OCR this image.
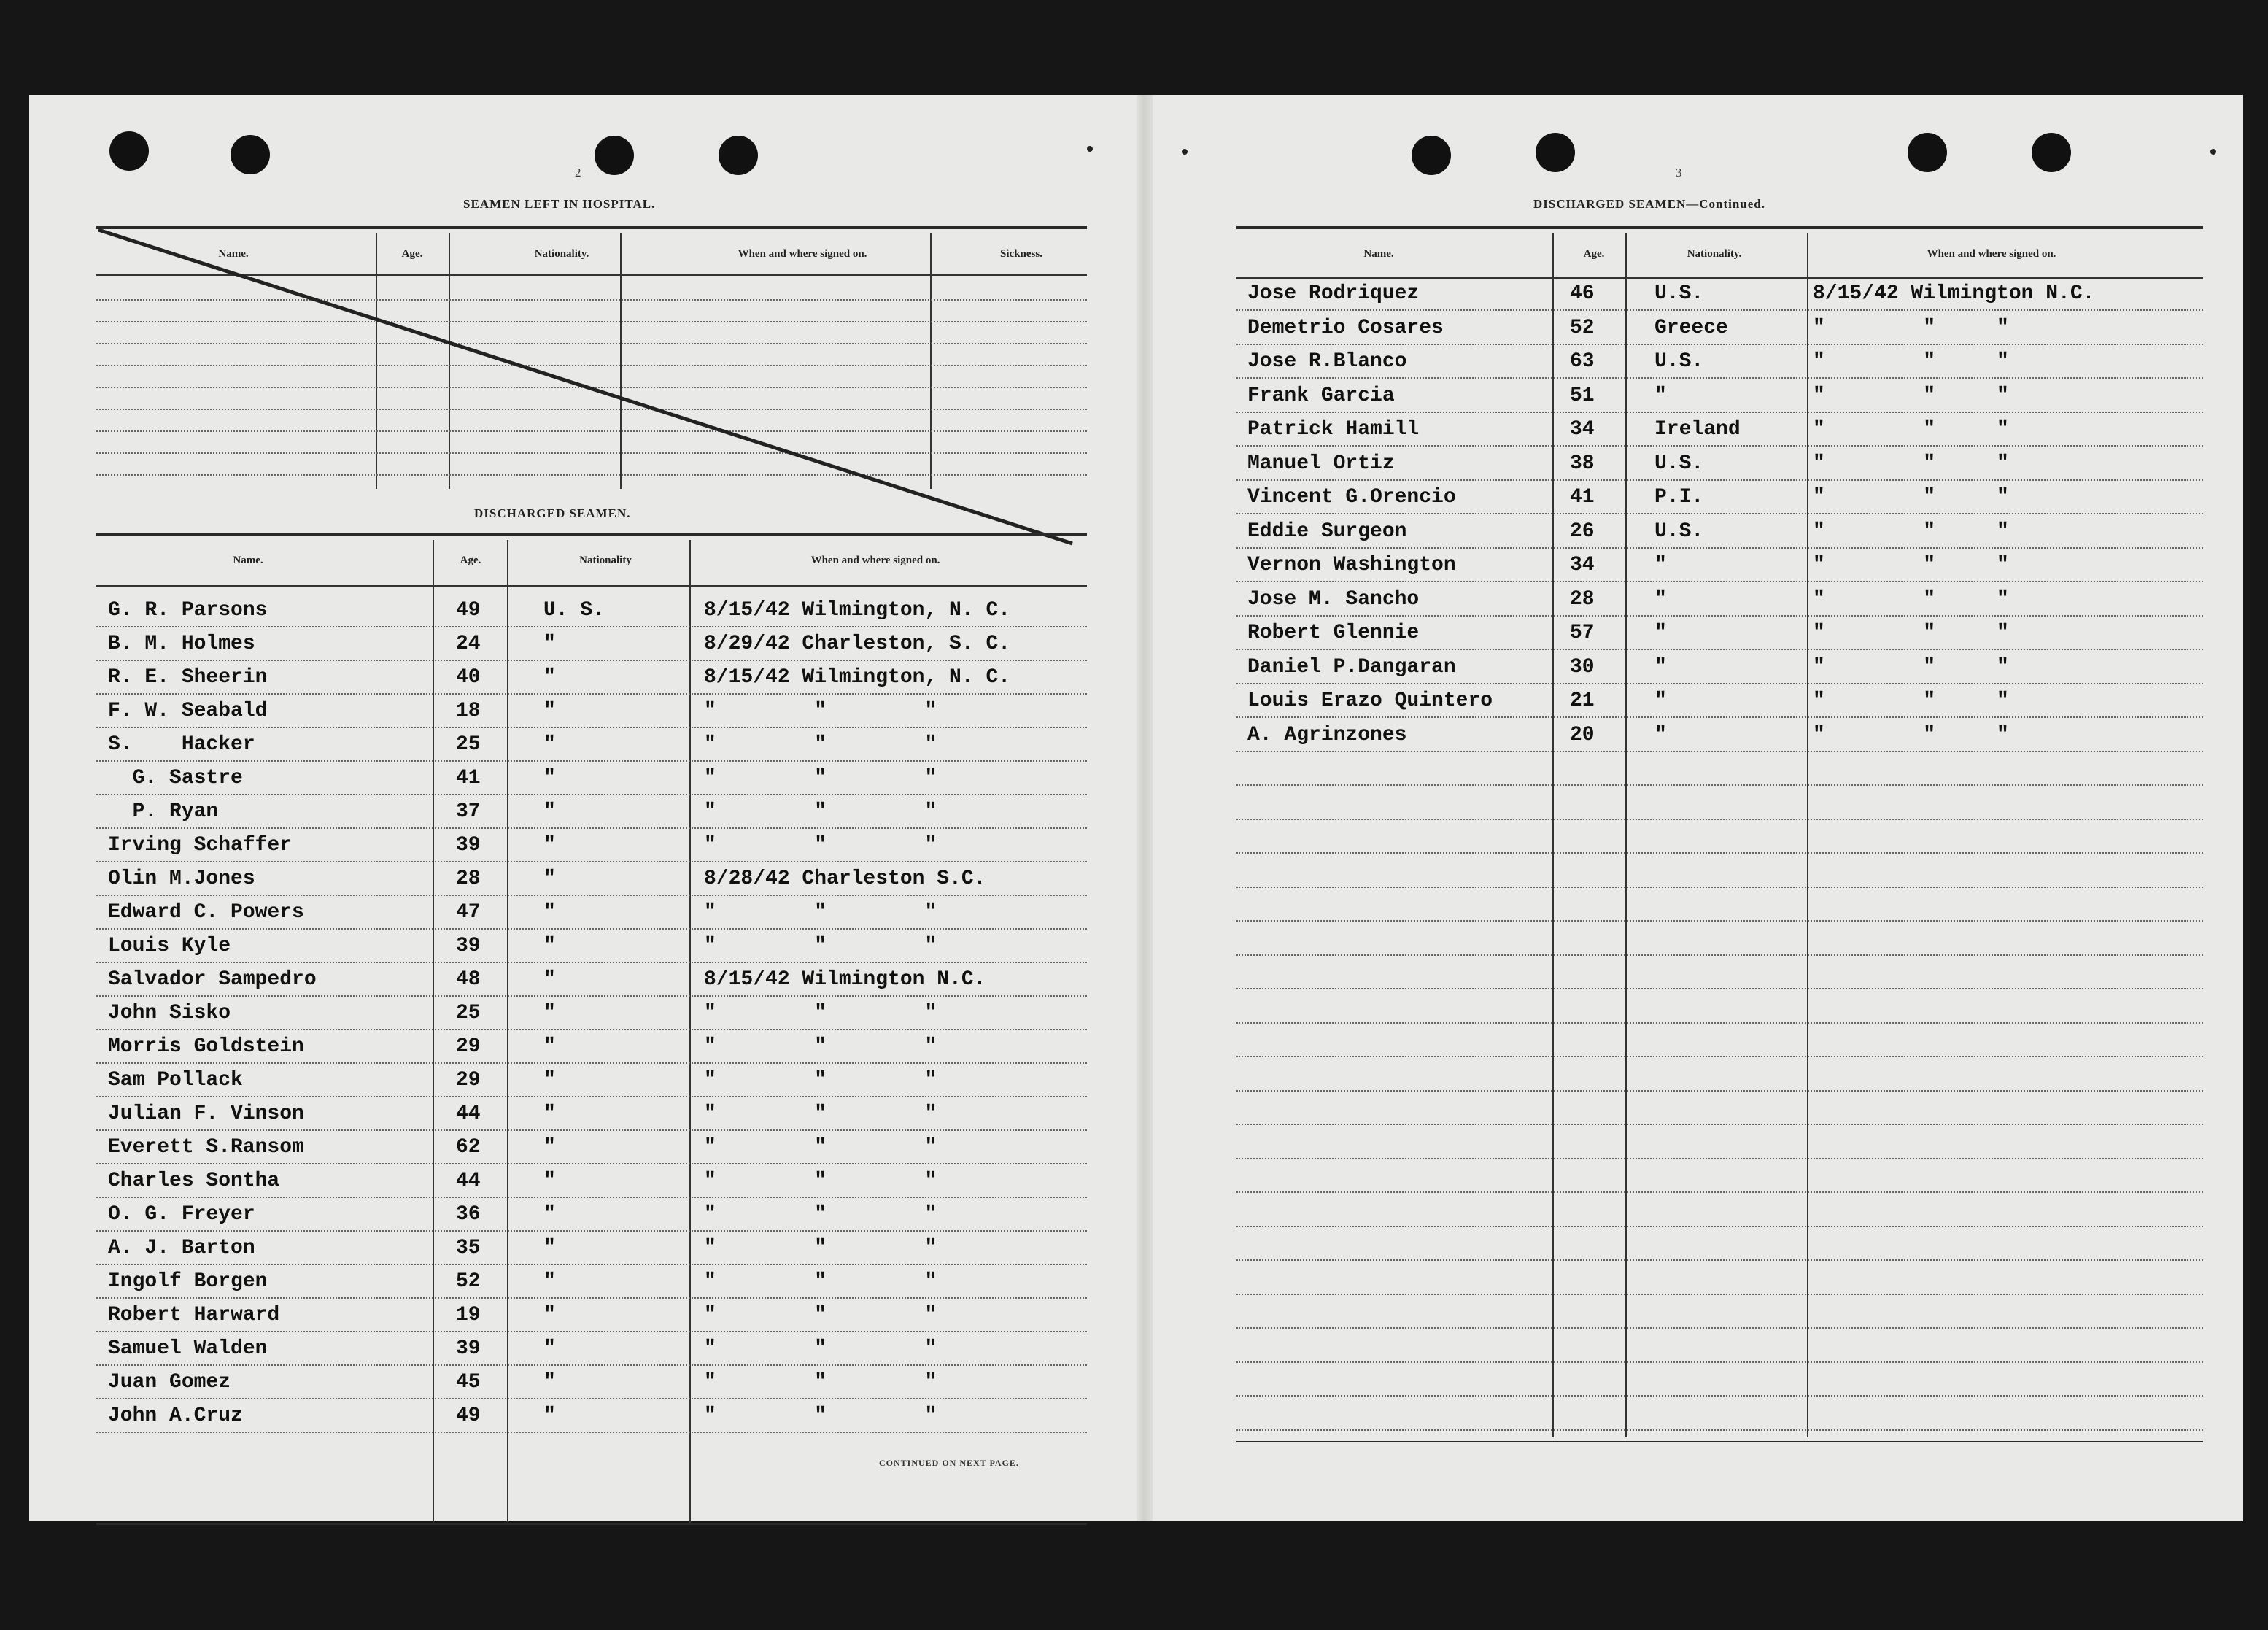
2
SEAMEN LEFT IN HOSPITAL.
Name.	Age.	Nationality.	When and where signed on.	Sickness.
DISCHARGED SEAMEN.
Name.	Age.	Nationality	When and where signed on.
G. R. Parsons	49	U. S.	8/15/42 Wilmington, N. C.
B. M. Holmes	24	"	8/29/42 Charleston, S. C.
R. E. Sheerin	40	"	8/15/42 Wilmington, N. C.
F. W. Seabald	18	"	"        "        "
S.    Hacker	25	"	"        "        "
G. Sastre	41	"	"        "        "
P. Ryan	37	"	"        "        "
Irving Schaffer	39	"	"        "        "
Olin M.Jones	28	"	8/28/42 Charleston S.C.
Edward C. Powers	47	"	"        "        "
Louis Kyle	39	"	"        "        "
Salvador Sampedro	48	"	8/15/42 Wilmington N.C.
John Sisko	25	"	"        "        "
Morris Goldstein	29	"	"        "        "
Sam Pollack	29	"	"        "        "
Julian F. Vinson	44	"	"        "        "
Everett S.Ransom	62	"	"        "        "
Charles Sontha	44	"	"        "        "
O. G. Freyer	36	"	"        "        "
A. J. Barton	35	"	"        "        "
Ingolf Borgen	52	"	"        "        "
Robert Harward	19	"	"        "        "
Samuel Walden	39	"	"        "        "
Juan Gomez	45	"	"        "        "
John A.Cruz	49	"	"        "        "
CONTINUED ON NEXT PAGE.
3
DISCHARGED SEAMEN—Continued.
Name.	Age.	Nationality.	When and where signed on.
Jose Rodriquez	46	U.S.	8/15/42 Wilmington N.C.
Demetrio Cosares	52	Greece	"        "     "
Jose R.Blanco	63	U.S.	"        "     "
Frank Garcia	51	"	"        "     "
Patrick Hamill	34	Ireland	"        "     "
Manuel Ortiz	38	U.S.	"        "     "
Vincent G.Orencio	41	P.I.	"        "     "
Eddie Surgeon	26	U.S.	"        "     "
Vernon Washington	34	"	"        "     "
Jose M. Sancho	28	"	"        "     "
Robert Glennie	57	"	"        "     "
Daniel P.Dangaran	30	"	"        "     "
Louis Erazo Quintero	21	"	"        "     "
A. Agrinzones	20	"	"        "     "
